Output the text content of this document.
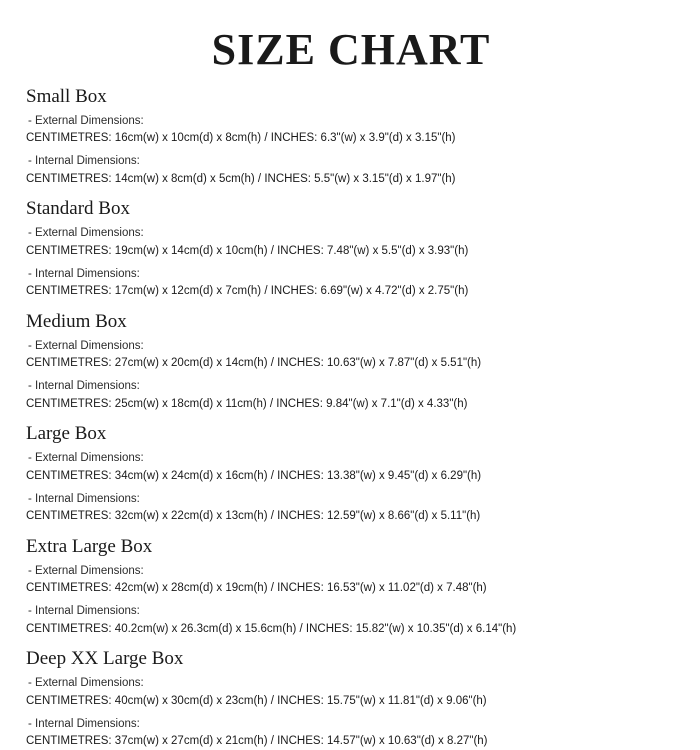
SIZE CHART
Small Box

- External Dimensions:

CENTIMETRES: 16cm(w) x 10cm(d) x 8cm(h) / INCHES: 6.3"(w) x 3.9"(d) x 3.15"(h)

- Internal Dimensions:

CENTIMETRES: 14cm(w) x 8cm(d) x 5cm(h) / INCHES: 5.5"(w) x 3.15"(d) x 1.97"(h)

Standard Box

- External Dimensions:

CENTIMETRES: 19cm(w) x 14cm(d) x 10cm(h) / INCHES: 7.48"(w) x 5.5"(d) x 3.93"(h)

- Internal Dimensions:

CENTIMETRES: 17cm(w) x 12cm(d) x 7cm(h) / INCHES: 6.69"(w) x 4.72"(d) x 2.75"(h)

Medium Box

- External Dimensions:

CENTIMETRES: 27cm(w) x 20cm(d) x 14cm(h) / INCHES: 10.63"(w) x 7.87"(d) x 5.51"(h)

- Internal Dimensions:

CENTIMETRES: 25cm(w) x 18cm(d) x 11cm(h) / INCHES: 9.84"(w) x 7.1"(d) x 4.33"(h)

Large Box

- External Dimensions:

CENTIMETRES: 34cm(w) x 24cm(d) x 16cm(h) / INCHES: 13.38"(w) x 9.45"(d) x 6.29"(h)

- Internal Dimensions:

CENTIMETRES: 32cm(w) x 22cm(d) x 13cm(h) / INCHES: 12.59"(w) x 8.66"(d) x 5.11"(h)

Extra Large Box

- External Dimensions:

CENTIMETRES: 42cm(w) x 28cm(d) x 19cm(h) / INCHES: 16.53"(w) x 11.02"(d) x 7.48"(h)

- Internal Dimensions:

CENTIMETRES: 40.2cm(w) x 26.3cm(d) x 15.6cm(h) / INCHES: 15.82"(w) x 10.35"(d) x 6.14"(h)

Deep XX Large Box

- External Dimensions:

CENTIMETRES: 40cm(w) x 30cm(d) x 23cm(h) / INCHES: 15.75"(w) x 11.81"(d) x 9.06"(h)

- Internal Dimensions:

CENTIMETRES: 37cm(w) x 27cm(d) x 21cm(h) / INCHES: 14.57"(w) x 10.63"(d) x 8.27"(h)
